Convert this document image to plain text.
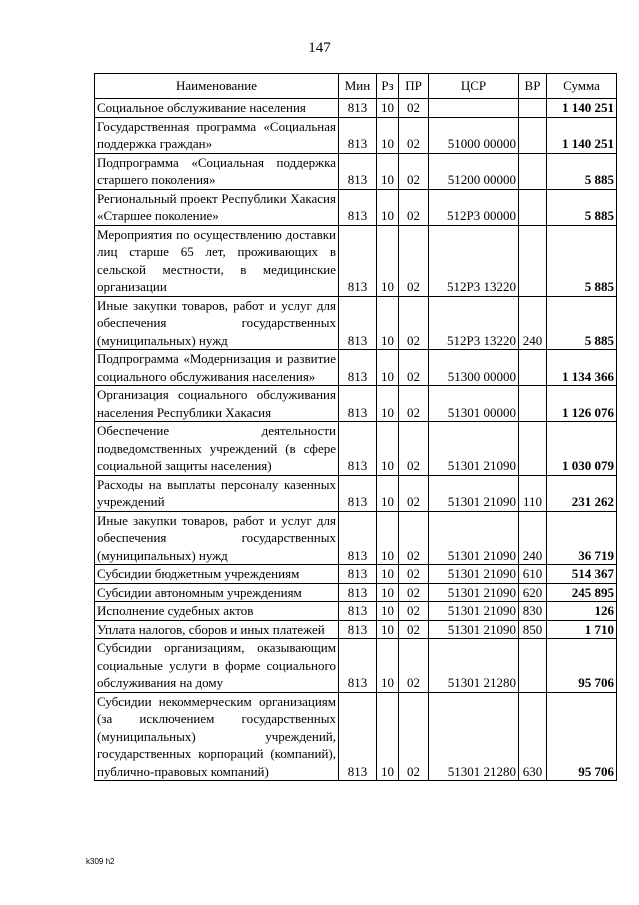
147
Наименование	Мин	Рз	ПР	ЦСР	ВР	Сумма
Социальное обслуживание населения	813	10	02			1 140 251
Государственная программа «Социальная поддержка граждан»	813	10	02	51000 00000		1 140 251
Подпрограмма «Социальная поддержка старшего поколения»	813	10	02	51200 00000		5 885
Региональный проект Республики Хакасия «Старшее поколение»	813	10	02	512Р3 00000		5 885
Мероприятия по осуществлению доставки лиц старше 65 лет, проживающих в сельской местности, в медицинские организации	813	10	02	512Р3 13220		5 885
Иные закупки товаров, работ и услуг для обеспечения государственных (муниципальных) нужд	813	10	02	512Р3 13220	240	5 885
Подпрограмма «Модернизация и развитие социального обслуживания населения»	813	10	02	51300 00000		1 134 366
Организация социального обслуживания населения Республики Хакасия	813	10	02	51301 00000		1 126 076
Обеспечение деятельности подведомственных учреждений (в сфере социальной защиты населения)	813	10	02	51301 21090		1 030 079
Расходы на выплаты персоналу казенных учреждений	813	10	02	51301 21090	110	231 262
Иные закупки товаров, работ и услуг для обеспечения государственных (муниципальных) нужд	813	10	02	51301 21090	240	36 719
Субсидии бюджетным учреждениям	813	10	02	51301 21090	610	514 367
Субсидии автономным учреждениям	813	10	02	51301 21090	620	245 895
Исполнение судебных актов	813	10	02	51301 21090	830	126
Уплата налогов, сборов и иных платежей	813	10	02	51301 21090	850	1 710
Субсидии организациям, оказывающим социальные услуги в форме социального обслуживания на дому	813	10	02	51301 21280		95 706
Субсидии некоммерческим организациям (за исключением государственных (муниципальных) учреждений, государственных корпораций (компаний), публично-правовых компаний)	813	10	02	51301 21280	630	95 706
k309 h2
